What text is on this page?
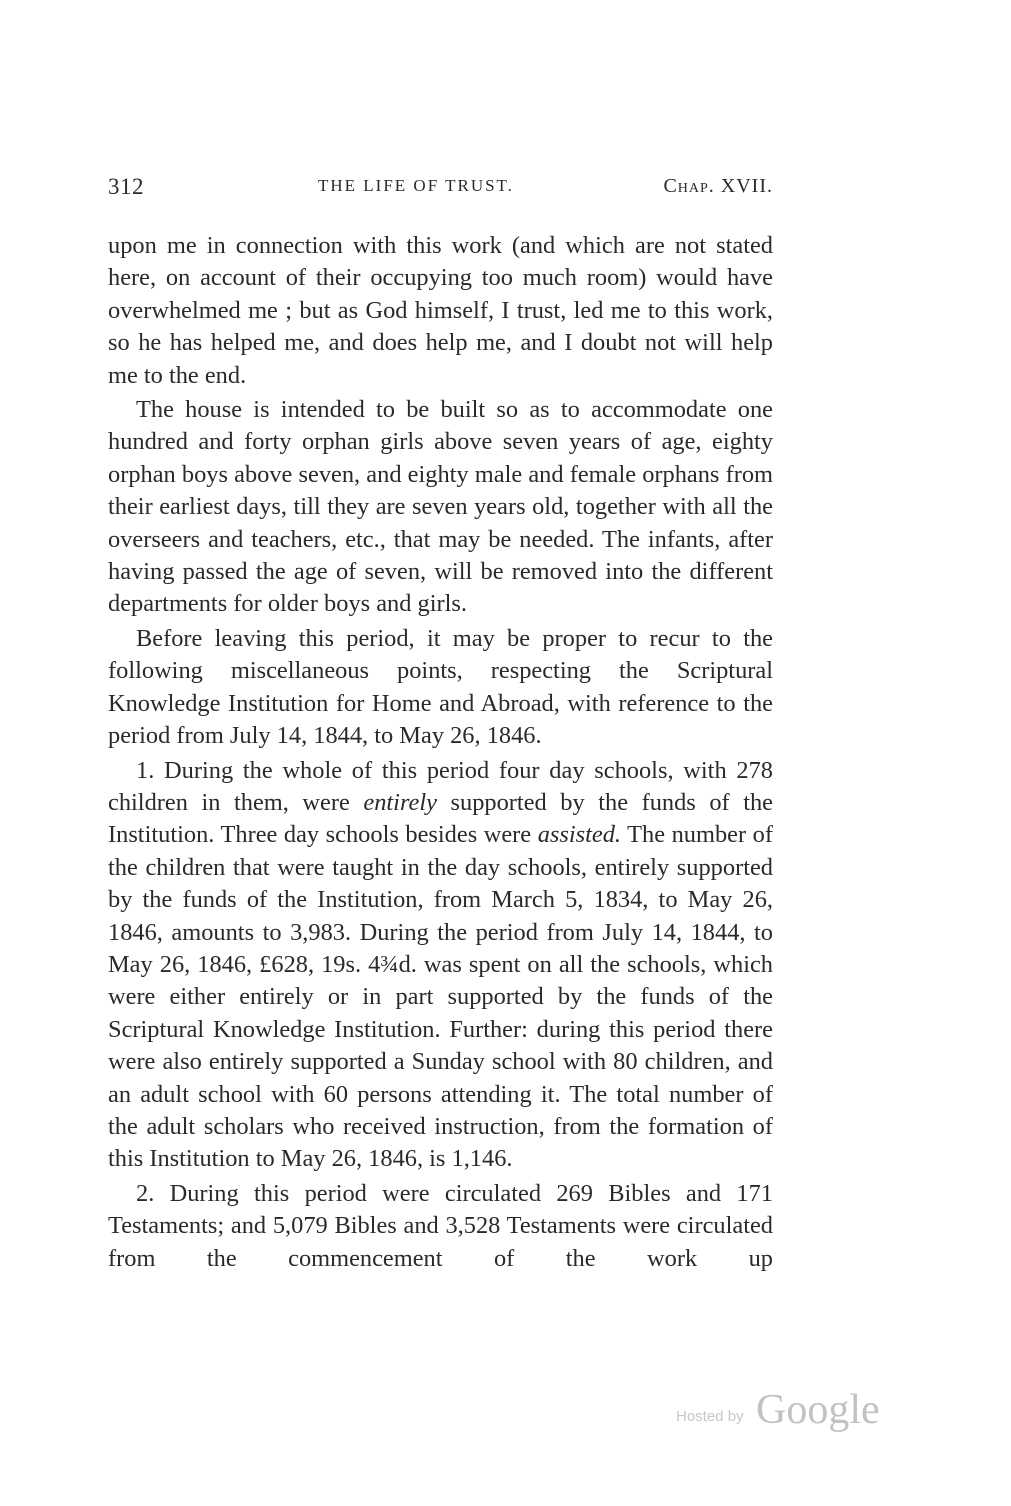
312	THE LIFE OF TRUST.	Chap. XVII.

upon me in connection with this work (and which are not stated here, on account of their occupying too much room) would have overwhelmed me ; but as God himself, I trust, led me to this work, so he has helped me, and does help me, and I doubt not will help me to the end.

The house is intended to be built so as to accommodate one hundred and forty orphan girls above seven years of age, eighty orphan boys above seven, and eighty male and female orphans from their earliest days, till they are seven years old, together with all the overseers and teachers, etc., that may be needed. The infants, after having passed the age of seven, will be removed into the different departments for older boys and girls.

Before leaving this period, it may be proper to recur to the following miscellaneous points, respecting the Scriptural Knowledge Institution for Home and Abroad, with reference to the period from July 14, 1844, to May 26, 1846.

1. During the whole of this period four day schools, with 278 children in them, were entirely supported by the funds of the Institution. Three day schools besides were assisted. The number of the children that were taught in the day schools, entirely supported by the funds of the Institution, from March 5, 1834, to May 26, 1846, amounts to 3,983. During the period from July 14, 1844, to May 26, 1846, £628, 19s. 4¾d. was spent on all the schools, which were either entirely or in part supported by the funds of the Scriptural Knowledge Institution. Further: during this period there were also entirely supported a Sunday school with 80 children, and an adult school with 60 persons attending it. The total number of the adult scholars who received instruction, from the formation of this Institution to May 26, 1846, is 1,146.

2. During this period were circulated 269 Bibles and 171 Testaments; and 5,079 Bibles and 3,528 Testaments were circulated from the commencement of the work up

Hosted by Google
